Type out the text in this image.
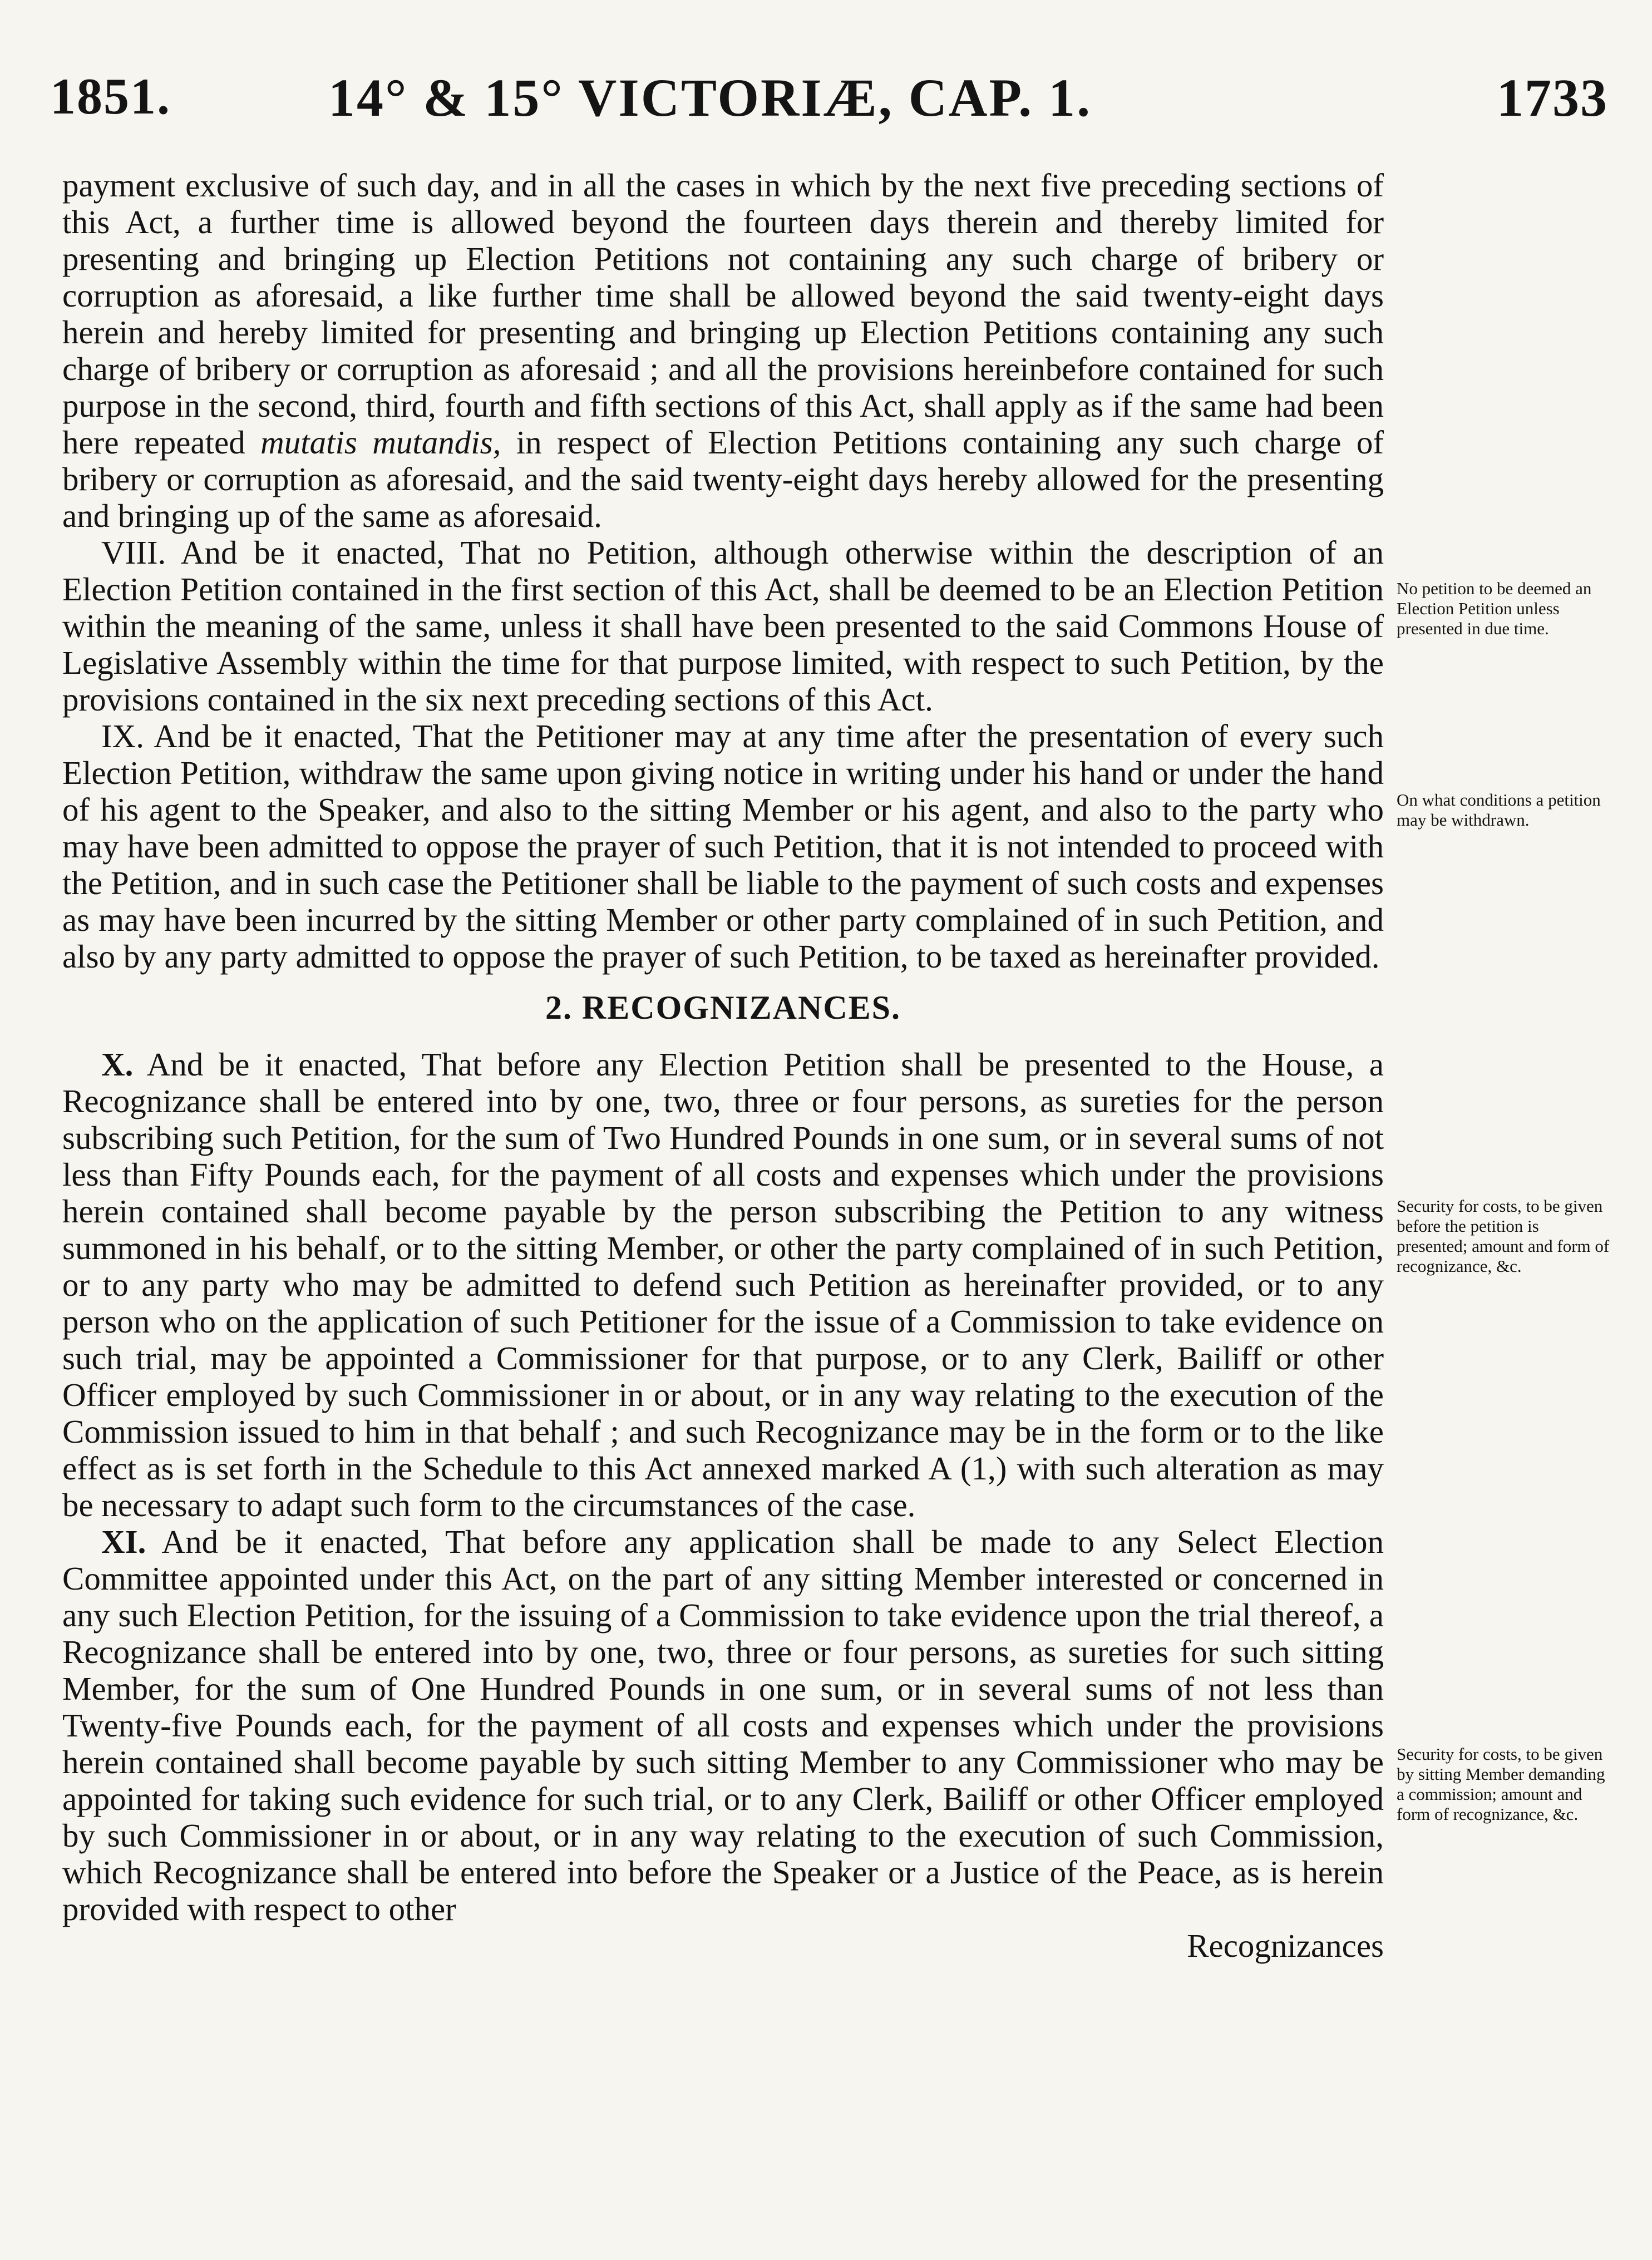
1851.	14° & 15° VICTORIÆ, CAP. 1.	1733

payment exclusive of such day, and in all the cases in which by the next five preceding sections of this Act, a further time is allowed beyond the fourteen days therein and thereby limited for presenting and bringing up Election Petitions not containing any such charge of bribery or corruption as aforesaid, a like further time shall be allowed beyond the said twenty-eight days herein and hereby limited for presenting and bringing up Election Petitions containing any such charge of bribery or corruption as aforesaid ; and all the provisions hereinbefore contained for such purpose in the second, third, fourth and fifth sections of this Act, shall apply as if the same had been here repeated mutatis mutandis, in respect of Election Petitions containing any such charge of bribery or corruption as aforesaid, and the said twenty-eight days hereby allowed for the presenting and bringing up of the same as aforesaid.

VIII. And be it enacted, That no Petition, although otherwise within the description of an Election Petition contained in the first section of this Act, shall be deemed to be an Election Petition within the meaning of the same, unless it shall have been presented to the said Commons House of Legislative Assembly within the time for that purpose limited, with respect to such Petition, by the provisions contained in the six next preceding sections of this Act.

IX. And be it enacted, That the Petitioner may at any time after the presentation of every such Election Petition, withdraw the same upon giving notice in writing under his hand or under the hand of his agent to the Speaker, and also to the sitting Member or his agent, and also to the party who may have been admitted to oppose the prayer of such Petition, that it is not intended to proceed with the Petition, and in such case the Petitioner shall be liable to the payment of such costs and expenses as may have been incurred by the sitting Member or other party complained of in such Petition, and also by any party admitted to oppose the prayer of such Petition, to be taxed as hereinafter provided.

2. RECOGNIZANCES.

X. And be it enacted, That before any Election Petition shall be presented to the House, a Recognizance shall be entered into by one, two, three or four persons, as sureties for the person subscribing such Petition, for the sum of Two Hundred Pounds in one sum, or in several sums of not less than Fifty Pounds each, for the payment of all costs and expenses which under the provisions herein contained shall become payable by the person subscribing the Petition to any witness summoned in his behalf, or to the sitting Member, or other the party complained of in such Petition, or to any party who may be admitted to defend such Petition as hereinafter provided, or to any person who on the application of such Petitioner for the issue of a Commission to take evidence on such trial, may be appointed a Commissioner for that purpose, or to any Clerk, Bailiff or other Officer employed by such Commissioner in or about, or in any way relating to the execution of the Commission issued to him in that behalf ; and such Recognizance may be in the form or to the like effect as is set forth in the Schedule to this Act annexed marked A (1,) with such alteration as may be necessary to adapt such form to the circumstances of the case.

XI. And be it enacted, That before any application shall be made to any Select Election Committee appointed under this Act, on the part of any sitting Member interested or concerned in any such Election Petition, for the issuing of a Commission to take evidence upon the trial thereof, a Recognizance shall be entered into by one, two, three or four persons, as sureties for such sitting Member, for the sum of One Hundred Pounds in one sum, or in several sums of not less than Twenty-five Pounds each, for the payment of all costs and expenses which under the provisions herein contained shall become payable by such sitting Member to any Commissioner who may be appointed for taking such evidence for such trial, or to any Clerk, Bailiff or other Officer employed by such Commissioner in or about, or in any way relating to the execution of such Commission, which Recognizance shall be entered into before the Speaker or a Justice of the Peace, as is herein provided with respect to other

Recognizances

No petition to be deemed an Election Petition unless presented in due time.
On what conditions a petition may be withdrawn.
Security for costs, to be given before the petition is presented; amount and form of recognizance, &c.
Security for costs, to be given by sitting Member demanding a commission; amount and form of recognizance, &c.
